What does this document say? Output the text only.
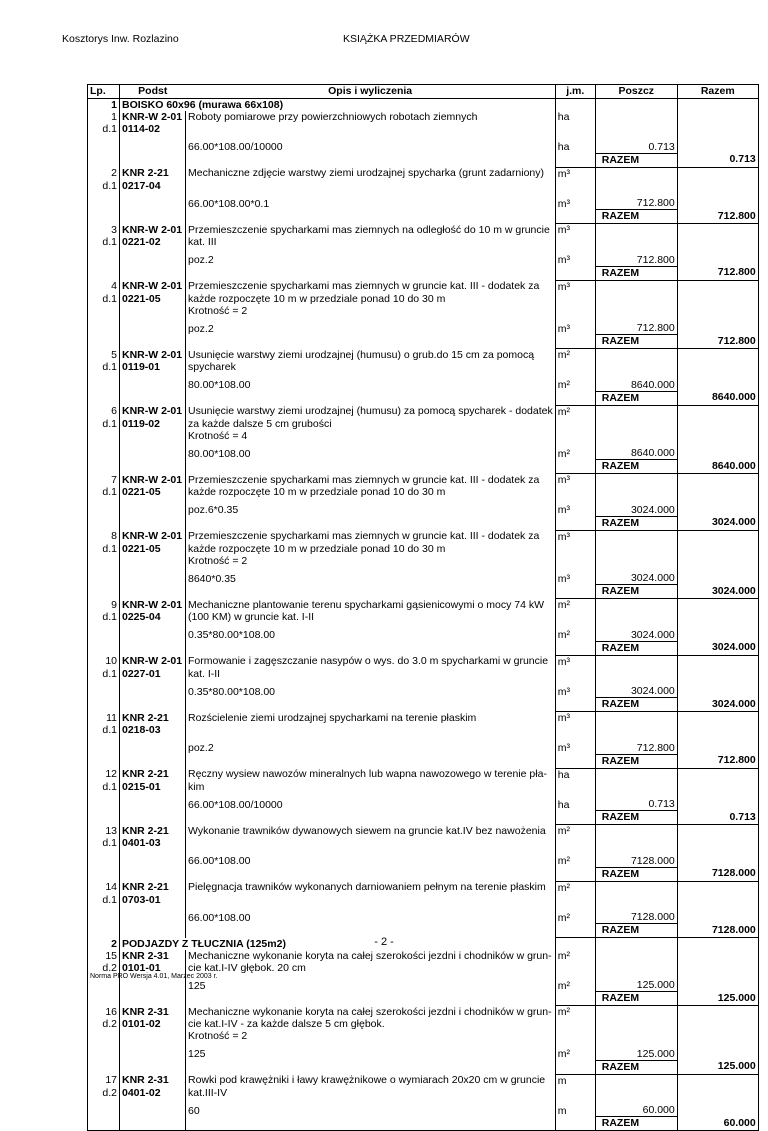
Kosztorys Inw. Rozlazino	KSIĄŻKA PRZEDMIARÓW
Lp.	Podst	Opis i wyliczenia	j.m.	Poszcz	Razem
1	BOISKO 60x96 (murawa 66x108)				
1	KNR-W 2-01	Roboty pomiarowe przy powierzchniowych robotach ziemnych	ha		
d.1	0114-02				
		66.00*108.00/10000	ha	0.713	
				RAZEM	0.713
2	KNR 2-21	Mechaniczne zdjęcie warstwy ziemi urodzajnej spycharka (grunt zadarniony)	m³		
d.1	0217-04				
		66.00*108.00*0.1	m³	712.800	
				RAZEM	712.800
3	KNR-W 2-01	Przemieszczenie spycharkami mas ziemnych na odległość do 10 m w gruncie	m³		
d.1	0221-02	kat. III			
		poz.2	m³	712.800	
				RAZEM	712.800
4	KNR-W 2-01	Przemieszczenie spycharkami mas ziemnych w gruncie kat. III - dodatek za	m³		
d.1	0221-05	każde rozpoczęte 10 m w przedziale ponad 10 do 30 m			
		Krotność = 2			
		poz.2	m³	712.800	
				RAZEM	712.800
5	KNR-W 2-01	Usunięcie warstwy ziemi urodzajnej (humusu) o grub.do 15 cm za pomocą	m²		
d.1	0119-01	spycharek			
		80.00*108.00	m²	8640.000	
				RAZEM	8640.000
6	KNR-W 2-01	Usunięcie warstwy ziemi urodzajnej (humusu) za pomocą spycharek - dodatek	m²		
d.1	0119-02	za każde dalsze 5 cm grubości			
		Krotność = 4			
		80.00*108.00	m²	8640.000	
				RAZEM	8640.000
7	KNR-W 2-01	Przemieszczenie spycharkami mas ziemnych w gruncie kat. III - dodatek za	m³		
d.1	0221-05	każde rozpoczęte 10 m w przedziale ponad 10 do 30 m			
		poz.6*0.35	m³	3024.000	
				RAZEM	3024.000
8	KNR-W 2-01	Przemieszczenie spycharkami mas ziemnych w gruncie kat. III - dodatek za	m³		
d.1	0221-05	każde rozpoczęte 10 m w przedziale ponad 10 do 30 m			
		Krotność = 2			
		8640*0.35	m³	3024.000	
				RAZEM	3024.000
9	KNR-W 2-01	Mechaniczne plantowanie terenu spycharkami gąsienicowymi o mocy 74 kW	m²		
d.1	0225-04	(100 KM) w gruncie kat. I-II			
		0.35*80.00*108.00	m²	3024.000	
				RAZEM	3024.000
10	KNR-W 2-01	Formowanie i zagęszczanie nasypów o wys. do 3.0 m spycharkami w gruncie	m³		
d.1	0227-01	kat. I-II			
		0.35*80.00*108.00	m³	3024.000	
				RAZEM	3024.000
11	KNR 2-21	Rozścielenie ziemi urodzajnej spycharkami na terenie płaskim	m³		
d.1	0218-03				
		poz.2	m³	712.800	
				RAZEM	712.800
12	KNR 2-21	Ręczny wysiew nawozów mineralnych lub wapna nawozowego w terenie pła-	ha		
d.1	0215-01	kim			
		66.00*108.00/10000	ha	0.713	
				RAZEM	0.713
13	KNR 2-21	Wykonanie trawników dywanowych siewem na gruncie kat.IV bez nawożenia	m²		
d.1	0401-03				
		66.00*108.00	m²	7128.000	
				RAZEM	7128.000
14	KNR 2-21	Pielęgnacja trawników wykonanych darniowaniem pełnym na terenie płaskim	m²		
d.1	0703-01				
		66.00*108.00	m²	7128.000	
				RAZEM	7128.000
2	PODJAZDY Z TŁUCZNIA (125m2)				
15	KNR 2-31	Mechaniczne wykonanie koryta na całej szerokości jezdni i chodników w grun-	m²		
d.2	0101-01	cie kat.I-IV głębok. 20 cm			
		125	m²	125.000	
				RAZEM	125.000
16	KNR 2-31	Mechaniczne wykonanie koryta na całej szerokości jezdni i chodników w grun-	m²		
d.2	0101-02	cie kat.I-IV - za każde dalsze 5 cm głębok.			
		Krotność = 2			
		125	m²	125.000	
				RAZEM	125.000
17	KNR 2-31	Rowki pod krawężniki i ławy krawężnikowe o wymiarach 20x20 cm w gruncie	m		
d.2	0401-02	kat.III-IV			
		60	m	60.000	
				RAZEM	60.000
- 2 -
Norma PRO Wersja 4.01, Marzec 2003 r.
